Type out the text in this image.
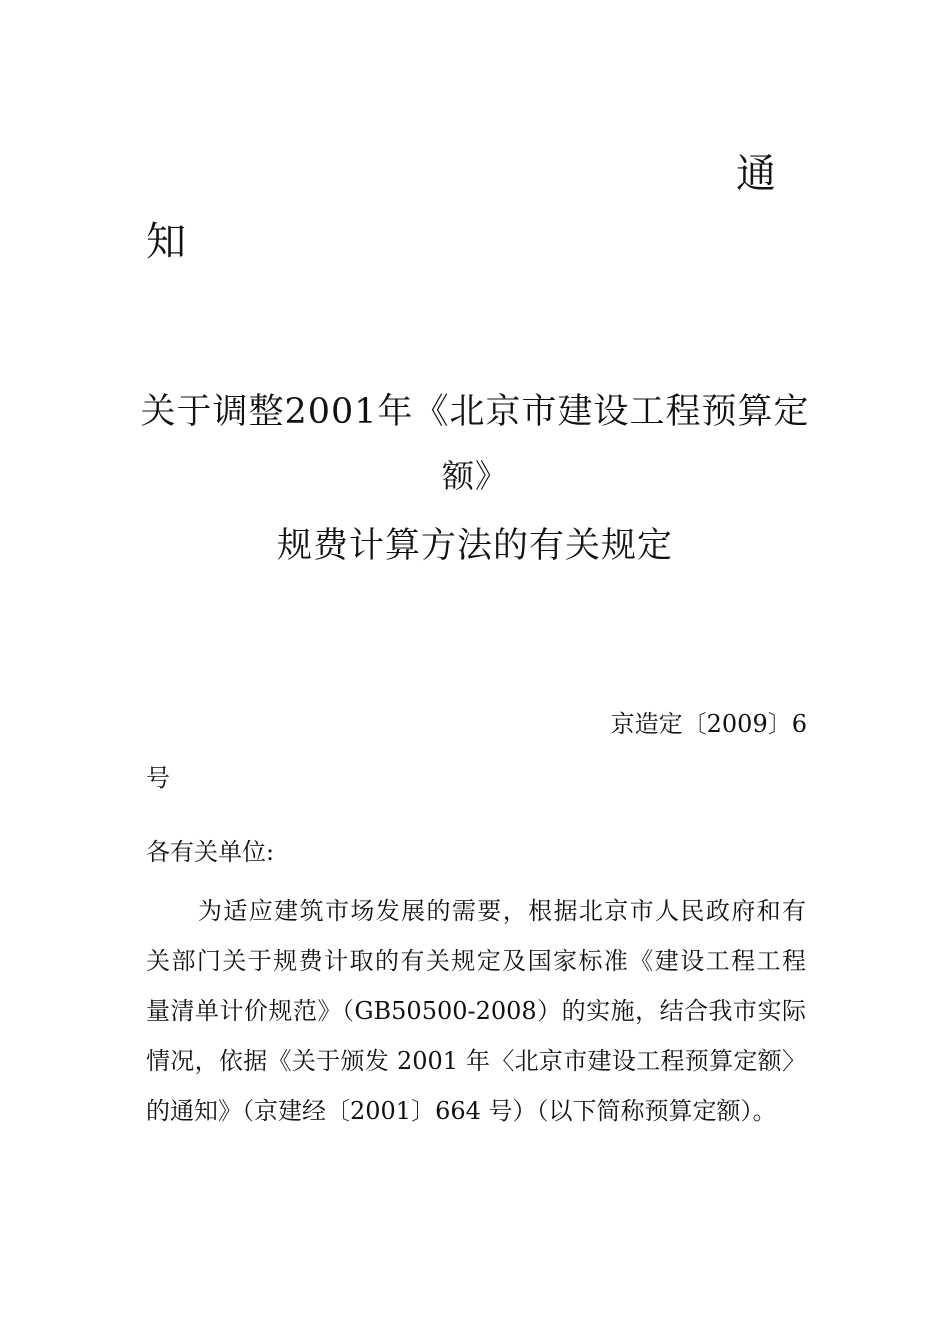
通
知
关于调整2001年《北京市建设工程预算定
额》
规费计算方法的有关规定
京造定〔2009〕6
号
各有关单位:
为适应建筑市场发展的需要，根据北京市人民政府和有
关部门关于规费计取的有关规定及国家标准《建设工程工程
量清单计价规范》（GB50500-2008）的实施，结合我市实际
情况，依据《关于颁发 2001 年〈北京市建设工程预算定额〉
的通知》（京建经〔2001〕664 号）（以下简称预算定额）。
